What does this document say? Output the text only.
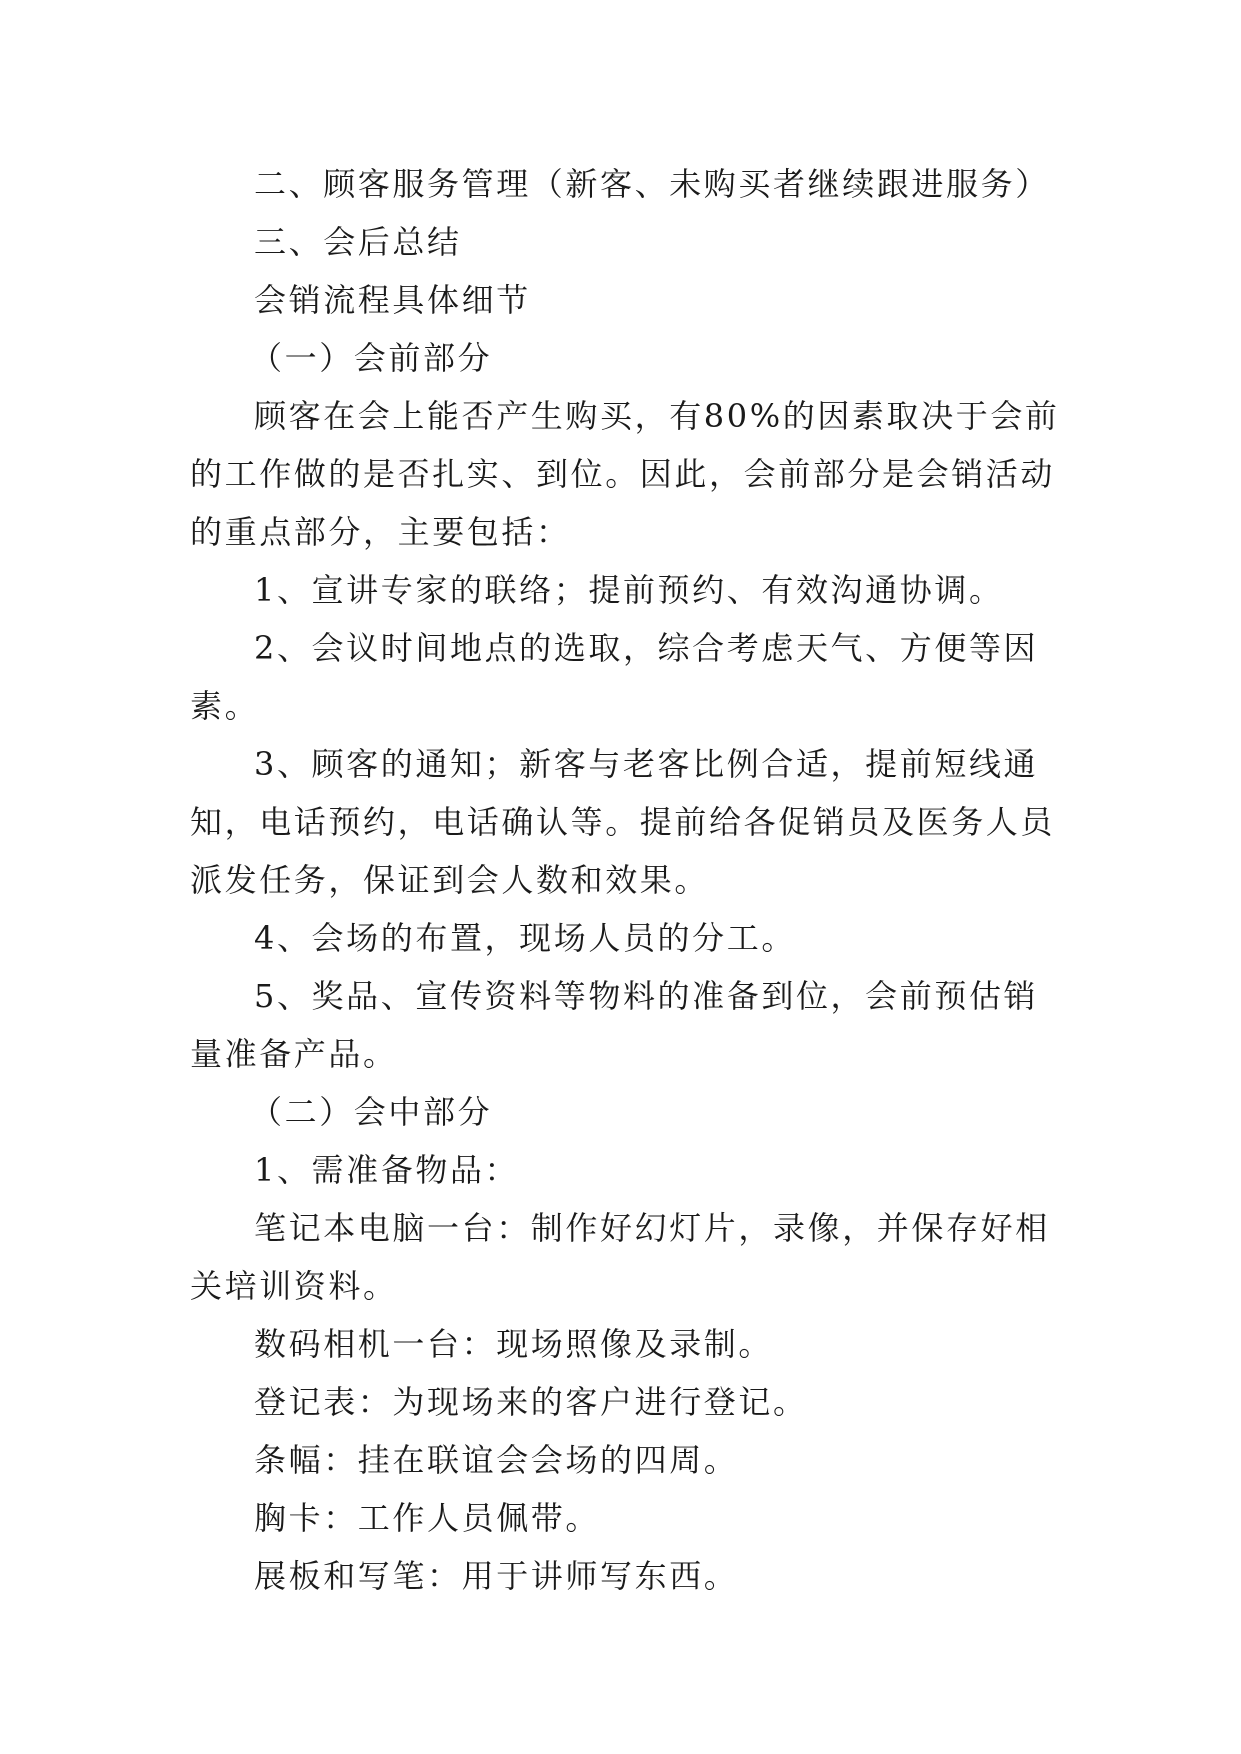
二、顾客服务管理（新客、未购买者继续跟进服务）

三、会后总结

会销流程具体细节

（一）会前部分

顾客在会上能否产生购买，有80%的因素取决于会前的工作做的是否扎实、到位。因此，会前部分是会销活动的重点部分，主要包括：

1、宣讲专家的联络；提前预约、有效沟通协调。

2、会议时间地点的选取，综合考虑天气、方便等因素。

3、顾客的通知；新客与老客比例合适，提前短线通知，电话预约，电话确认等。提前给各促销员及医务人员派发任务，保证到会人数和效果。

4、会场的布置，现场人员的分工。

5、奖品、宣传资料等物料的准备到位，会前预估销量准备产品。

（二）会中部分

1、需准备物品：

笔记本电脑一台：制作好幻灯片，录像，并保存好相关培训资料。

数码相机一台：现场照像及录制。

登记表：为现场来的客户进行登记。

条幅：挂在联谊会会场的四周。

胸卡：工作人员佩带。

展板和写笔：用于讲师写东西。
